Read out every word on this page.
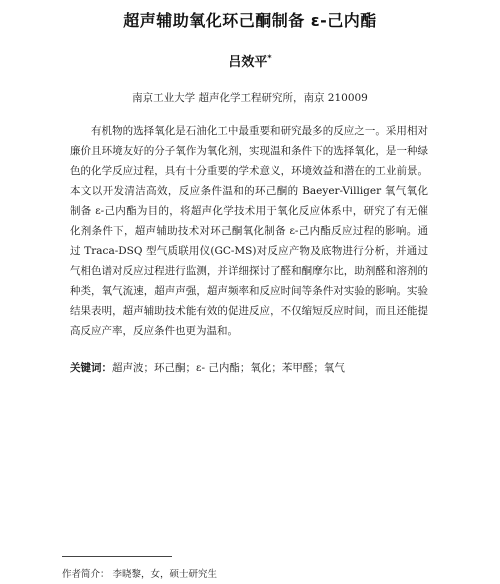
超声辅助氧化环己酮制备 ε-己内酯
吕效平*
南京工业大学 超声化学工程研究所，南京 210009

有机物的选择氧化是石油化工中最重要和研究最多的反应之一。采用相对廉价且环境友好的分子氧作为氧化剂，实现温和条件下的选择氧化，是一种绿色的化学反应过程，具有十分重要的学术意义，环境效益和潜在的工业前景。本文以开发清洁高效，反应条件温和的环己酮的 Baeyer-Villiger 氧气氧化制备 ε-己内酯为目的，将超声化学技术用于氧化反应体系中，研究了有无催化剂条件下，超声辅助技术对环己酮氧化制备 ε-己内酯反应过程的影响。通过 Traca-DSQ 型气质联用仪(GC-MS)对反应产物及底物进行分析，并通过气相色谱对反应过程进行监测，并详细探讨了醛和酮摩尔比，助剂醛和溶剂的种类，氧气流速，超声声强，超声频率和反应时间等条件对实验的影响。实验结果表明，超声辅助技术能有效的促进反应，不仅缩短反应时间，而且还能提高反应产率，反应条件也更为温和。

关键词：超声波；环己酮；ε- 己内酯；氧化；苯甲醛；氧气
作者简介： 李晓黎，女，硕士研究生
